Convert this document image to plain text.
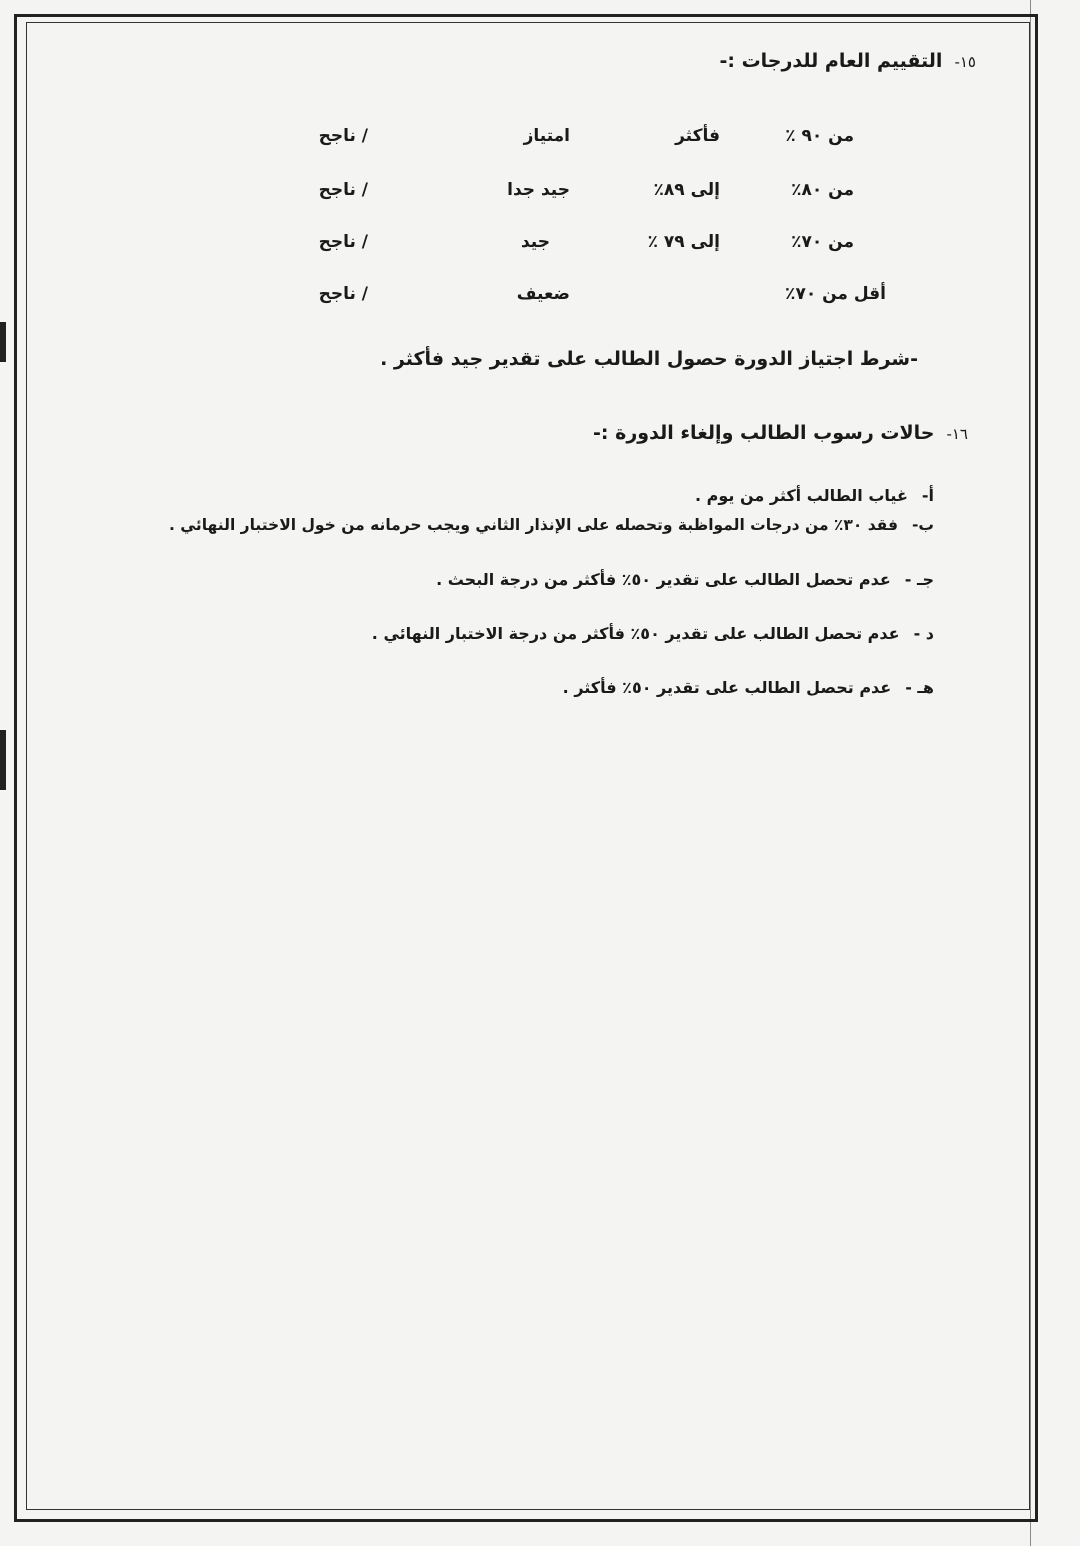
١٥-التقييم العام للدرجات :-
من ٩٠ ٪
فأكثر
امتياز
/ ناجح
من ٨٠٪
إلى ٨٩٪
جيد جدا
/ ناجح
من ٧٠٪
إلى ٧٩ ٪
جيد
/ ناجح
أقل من ٧٠٪
ضعيف
/ ناجح
-شرط اجتياز الدورة حصول الطالب على تقدير جيد فأكثر .
١٦-حالات رسوب الطالب وإلغاء الدورة :-
أ-غياب الطالب أكثر من يوم .
ب-فقد ٣٠٪ من درجات المواظبة وتحصله على الإنذار الثاني ويجب حرمانه من خول الاختبار النهائي .
جـ -عدم تحصل الطالب على تقدير ٥٠٪ فأكثر من درجة البحث .
د -عدم تحصل الطالب على تقدير ٥٠٪ فأكثر من درجة الاختبار النهائي .
هـ -عدم تحصل الطالب على تقدير ٥٠٪ فأكثر .
